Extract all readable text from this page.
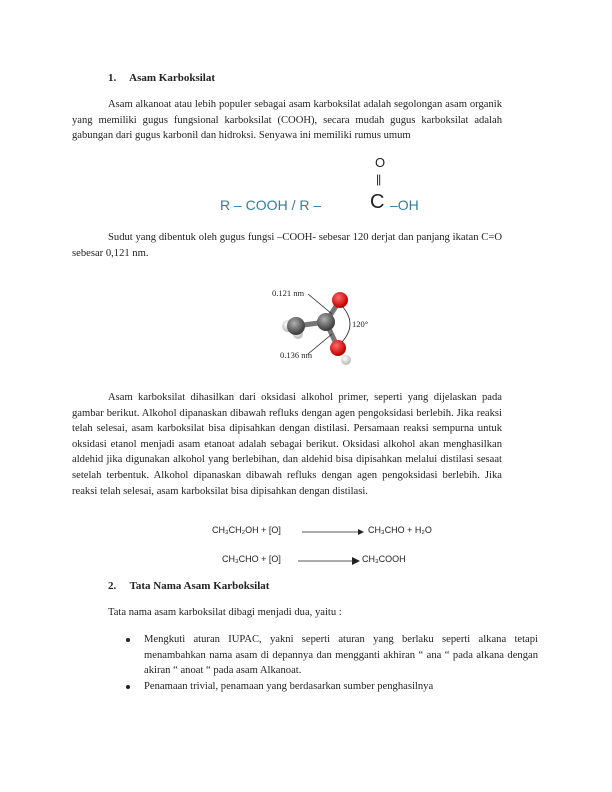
1. Asam Karboksilat
Asam alkanoat atau lebih populer sebagai asam karboksilat adalah segolongan asam organik yang memiliki gugus fungsional karboksilat (COOH), secara mudah gugus karboksilat adalah gabungan dari gugus karbonil dan hidroksi. Senyawa ini memiliki rumus umum
O
||
R – COOH / R – C –OH
Sudut yang dibentuk oleh gugus fungsi –COOH- sebesar 120 derjat dan panjang ikatan C=O sebesar 0,121 nm.
0.121 nm
0.136 nm
120°
Asam karboksilat dihasilkan dari oksidasi alkohol primer, seperti yang dijelaskan pada gambar berikut. Alkohol dipanaskan dibawah refluks dengan agen pengoksidasi berlebih. Jika reaksi telah selesai, asam karboksilat bisa dipisahkan dengan distilasi. Persamaan reaksi sempurna untuk oksidasi etanol menjadi asam etanoat adalah sebagai berikut. Oksidasi alkohol akan menghasilkan aldehid jika digunakan alkohol yang berlebihan, dan aldehid bisa dipisahkan melalui distilasi sesaat setelah terbentuk. Alkohol dipanaskan dibawah refluks dengan agen pengoksidasi berlebih. Jika reaksi telah selesai, asam karboksilat bisa dipisahkan dengan distilasi.
CH₃CH₂OH + [O] → CH₃CHO + H₂O
CH₃CHO + [O] → CH₃COOH
2. Tata Nama Asam Karboksilat
Tata nama asam karboksilat dibagi menjadi dua, yaitu :
Mengkuti aturan IUPAC, yakni seperti aturan yang berlaku seperti alkana tetapi menambahkan nama asam di depannya dan mengganti akhiran “ ana “ pada alkana dengan akiran “ anoat “ pada asam Alkanoat.
Penamaan trivial, penamaan yang berdasarkan sumber penghasilnya
